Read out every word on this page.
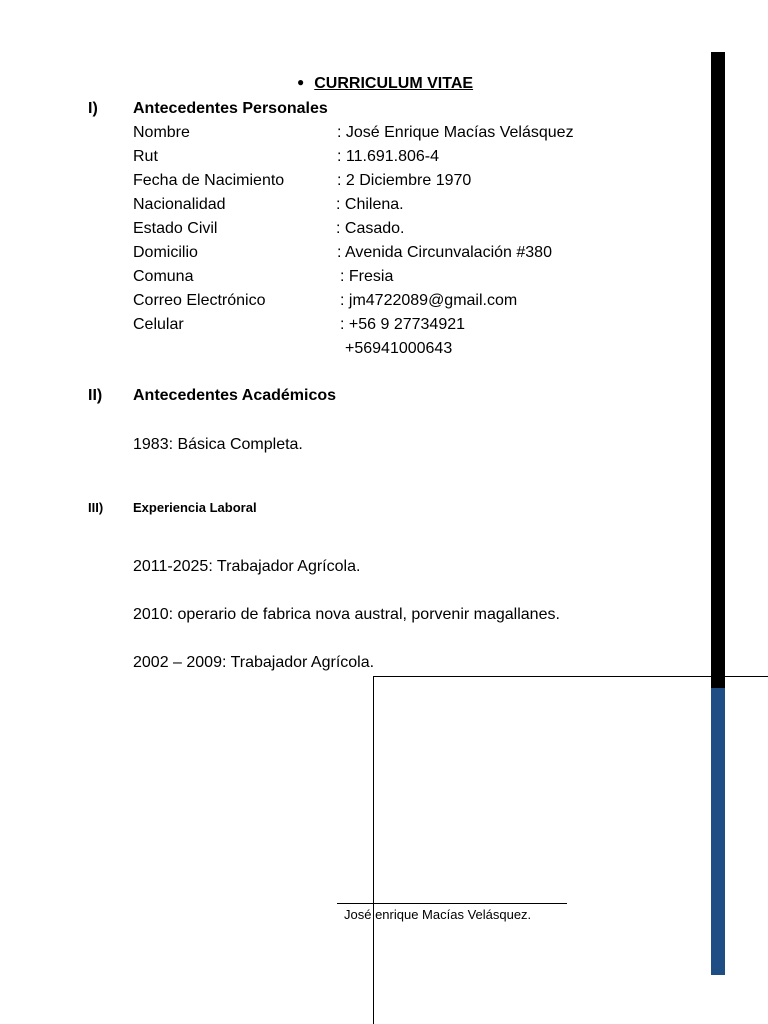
● CURRICULUM VITAE
I) Antecedentes Personales
Nombre	: José Enrique Macías Velásquez
Rut	: 11.691.806-4
Fecha de Nacimiento	: 2 Diciembre 1970
Nacionalidad	: Chilena.
Estado Civil	: Casado.
Domicilio	: Avenida Circunvalación #380
Comuna	: Fresia
Correo Electrónico	: jm4722089@gmail.com
Celular	: +56 9 27734921
+56941000643
II) Antecedentes Académicos
1983: Básica Completa.
III) Experiencia Laboral
2011-2025: Trabajador Agrícola.
2010: operario de fabrica nova austral, porvenir magallanes.
2002 – 2009: Trabajador Agrícola.
José enrique Macías Velásquez.
